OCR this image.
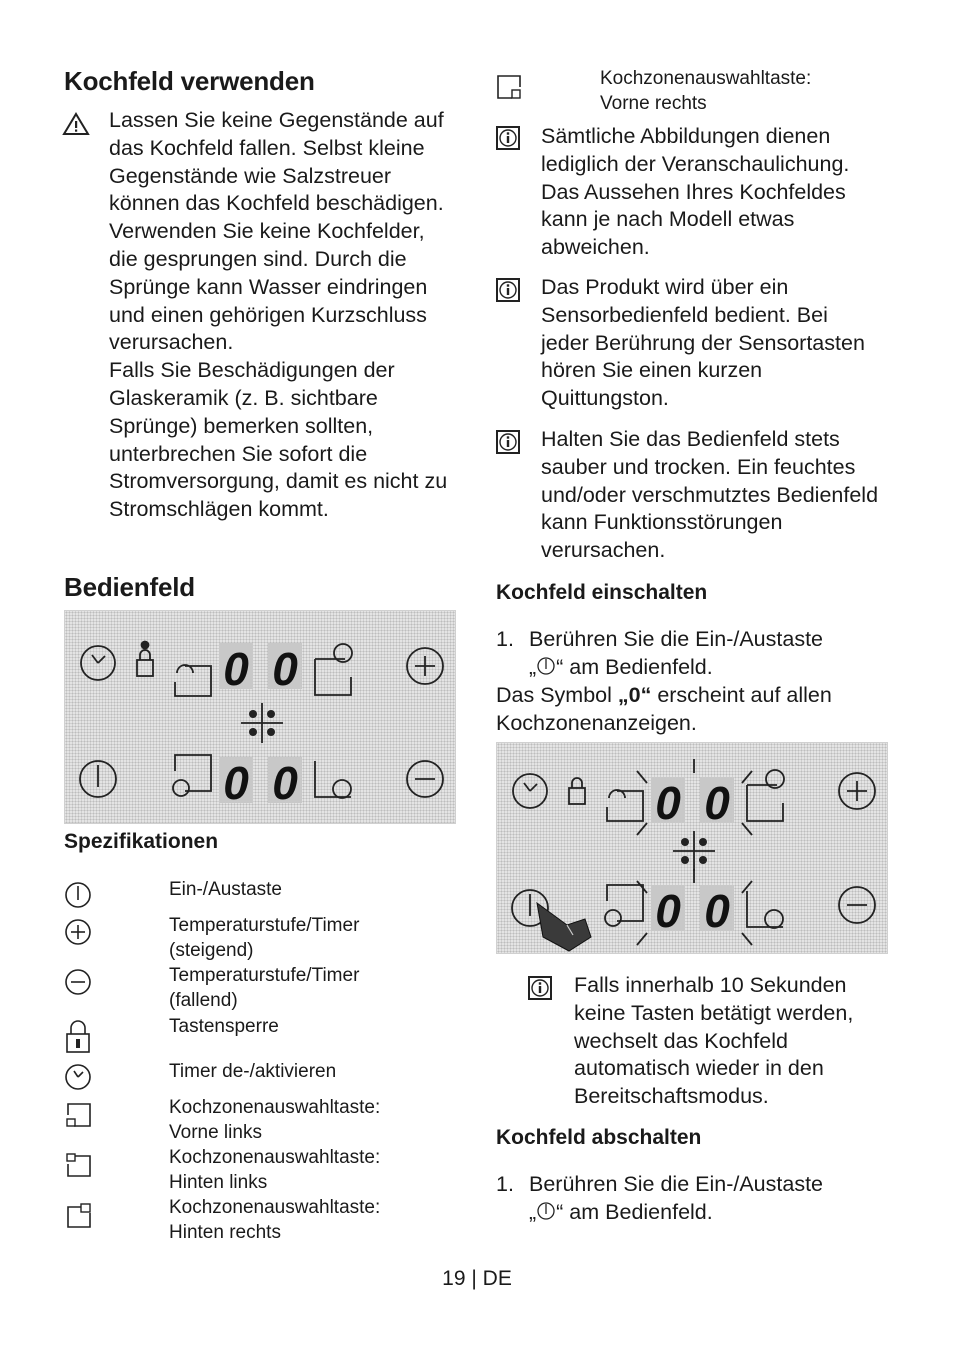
Kochfeld verwenden

Lassen Sie keine Gegenstände auf das Kochfeld fallen. Selbst kleine Gegenstände wie Salzstreuer können das Kochfeld beschädigen.

Verwenden Sie keine Kochfelder, die gesprungen sind. Durch die Sprünge kann Wasser eindringen und einen gehörigen Kurzschluss verursachen.

Falls Sie Beschädigungen der Glaskeramik (z. B. sichtbare Sprünge) bemerken sollten, unterbrechen Sie sofort die Stromversorgung, damit es nicht zu Stromschlägen kommt.

Bedienfeld
0 0
0 0
Spezifikationen
Ein-/Austaste
Temperaturstufe/Timer
(steigend)
Temperaturstufe/Timer
(fallend)
Tastensperre
Timer de-/aktivieren
Kochzonenauswahltaste:
Vorne links
Kochzonenauswahltaste:
Hinten links
Kochzonenauswahltaste:
Hinten rechts
Kochzonenauswahltaste:
Vorne rechts
Sämtliche Abbildungen dienen lediglich der Veranschaulichung. Das Aussehen Ihres Kochfeldes kann je nach Modell etwas abweichen.
Das Produkt wird über ein Sensorbedienfeld bedient. Bei jeder Berührung der Sensortasten hören Sie einen kurzen Quittungston.
Halten Sie das Bedienfeld stets sauber und trocken. Ein feuchtes und/oder verschmutztes Bedienfeld kann Funktionsstörungen verursachen.
Kochfeld einschalten
1. Berühren Sie die Ein-/Austaste
„ “ am Bedienfeld.
Das Symbol „0“ erscheint auf allen
Kochzonenanzeigen.
0 0
0 0
Falls innerhalb 10 Sekunden keine Tasten betätigt werden, wechselt das Kochfeld automatisch wieder in den Bereitschaftsmodus.
Kochfeld abschalten
1. Berühren Sie die Ein-/Austaste
„ “ am Bedienfeld.
19 | DE
